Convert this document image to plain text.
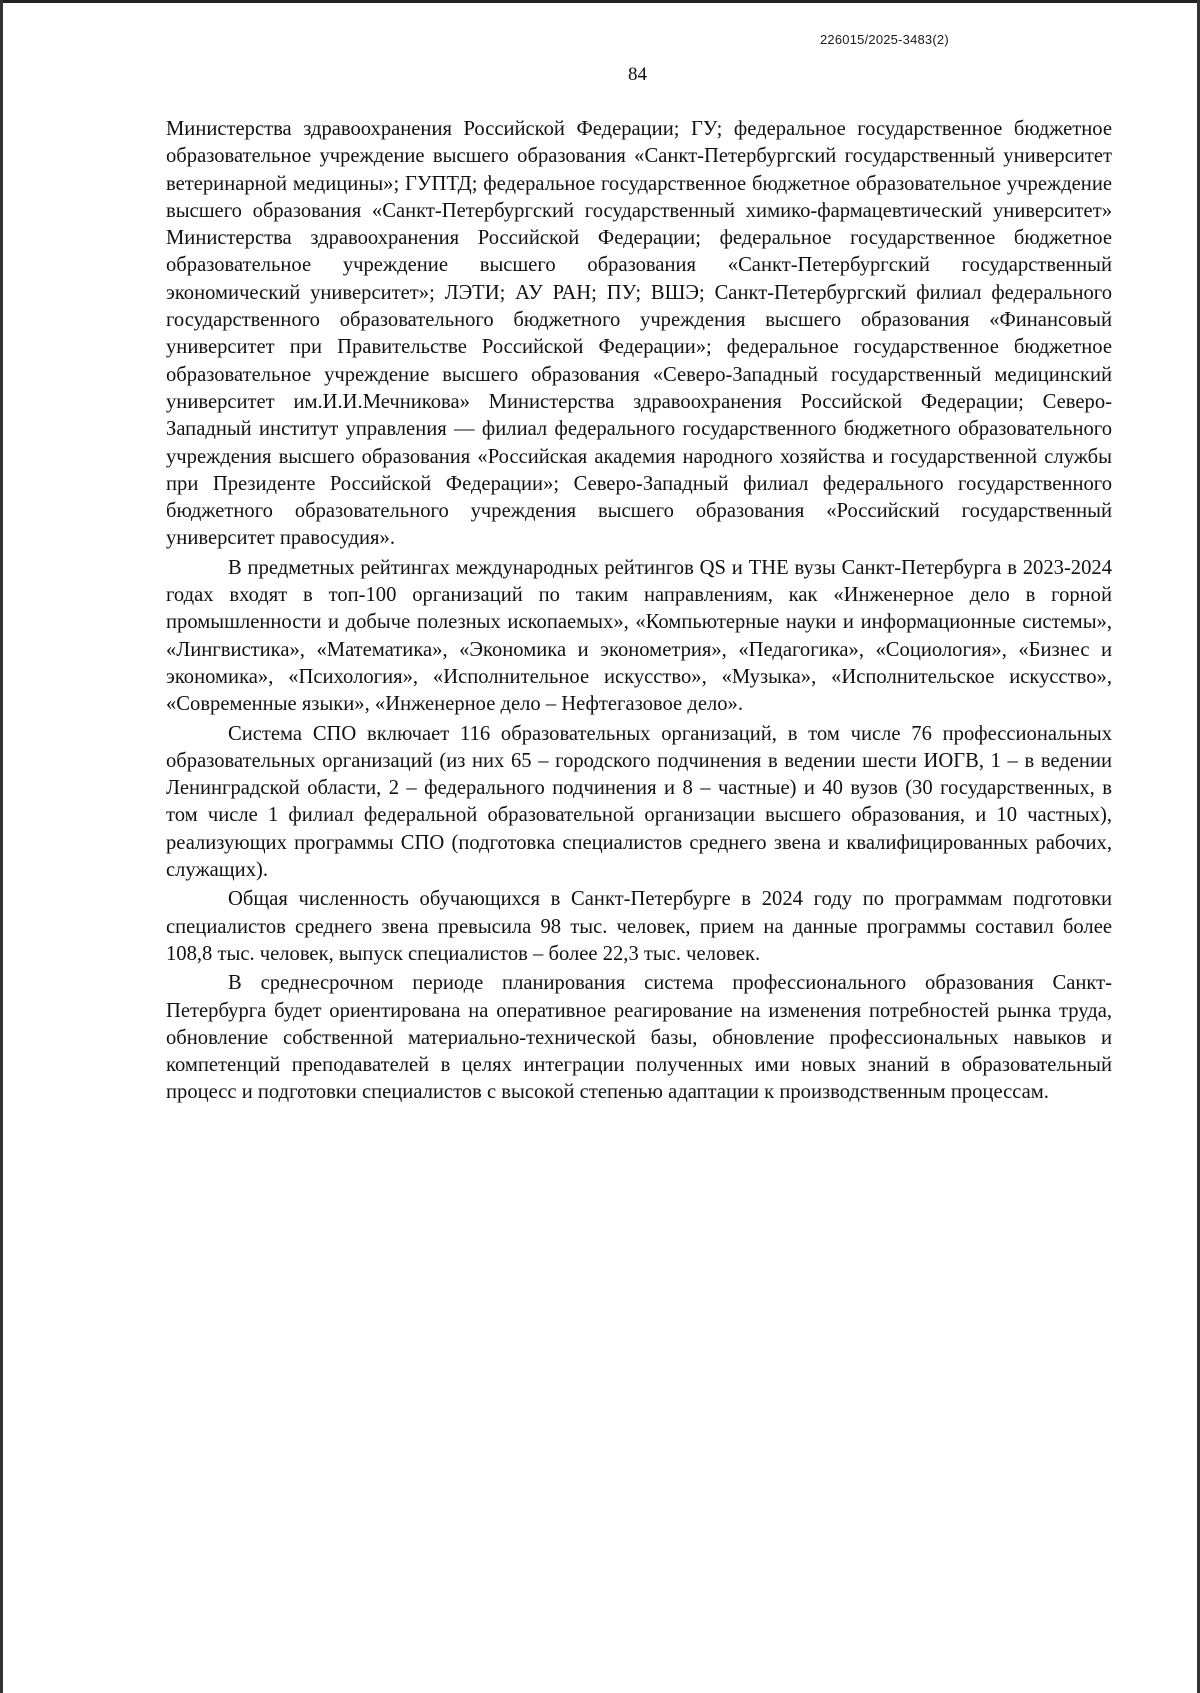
226015/2025-3483(2)
84

Министерства здравоохранения Российской Федерации; ГУ; федеральное государственное бюджетное образовательное учреждение высшего образования «Санкт-Петербургский государственный университет ветеринарной медицины»; ГУПТД; федеральное государственное бюджетное образовательное учреждение высшего образования «Санкт-Петербургский государственный химико-фармацевтический университет» Министерства здравоохранения Российской Федерации; федеральное государственное бюджетное образовательное учреждение высшего образования «Санкт-Петербургский государственный экономический университет»; ЛЭТИ; АУ РАН; ПУ; ВШЭ; Санкт-Петербургский филиал федерального государственного образовательного бюджетного учреждения высшего образования «Финансовый университет при Правительстве Российской Федерации»; федеральное государственное бюджетное образовательное учреждение высшего образования «Северо-Западный государственный медицинский университет им.И.И.Мечникова» Министерства здравоохранения Российской Федерации; Северо-Западный институт управления — филиал федерального государственного бюджетного образовательного учреждения высшего образования «Российская академия народного хозяйства и государственной службы при Президенте Российской Федерации»; Северо-Западный филиал федерального государственного бюджетного образовательного учреждения высшего образования «Российский государственный университет правосудия».

В предметных рейтингах международных рейтингов QS и THE вузы Санкт-Петербурга в 2023-2024 годах входят в топ-100 организаций по таким направлениям, как «Инженерное дело в горной промышленности и добыче полезных ископаемых», «Компьютерные науки и информационные системы», «Лингвистика», «Математика», «Экономика и эконометрия», «Педагогика», «Социология», «Бизнес и экономика», «Психология», «Исполнительное искусство», «Музыка», «Исполнительское искусство», «Современные языки», «Инженерное дело – Нефтегазовое дело».

Система СПО включает 116 образовательных организаций, в том числе 76 профессиональных образовательных организаций (из них 65 – городского подчинения в ведении шести ИОГВ, 1 – в ведении Ленинградской области, 2 – федерального подчинения и 8 – частные) и 40 вузов (30 государственных, в том числе 1 филиал федеральной образовательной организации высшего образования, и 10 частных), реализующих программы СПО (подготовка специалистов среднего звена и квалифицированных рабочих, служащих).

Общая численность обучающихся в Санкт-Петербурге в 2024 году по программам подготовки специалистов среднего звена превысила 98 тыс. человек, прием на данные программы составил более 108,8 тыс. человек, выпуск специалистов – более 22,3 тыс. человек.

В среднесрочном периоде планирования система профессионального образования Санкт-Петербурга будет ориентирована на оперативное реагирование на изменения потребностей рынка труда, обновление собственной материально-технической базы, обновление профессиональных навыков и компетенций преподавателей в целях интеграции полученных ими новых знаний в образовательный процесс и подготовки специалистов с высокой степенью адаптации к производственным процессам.
